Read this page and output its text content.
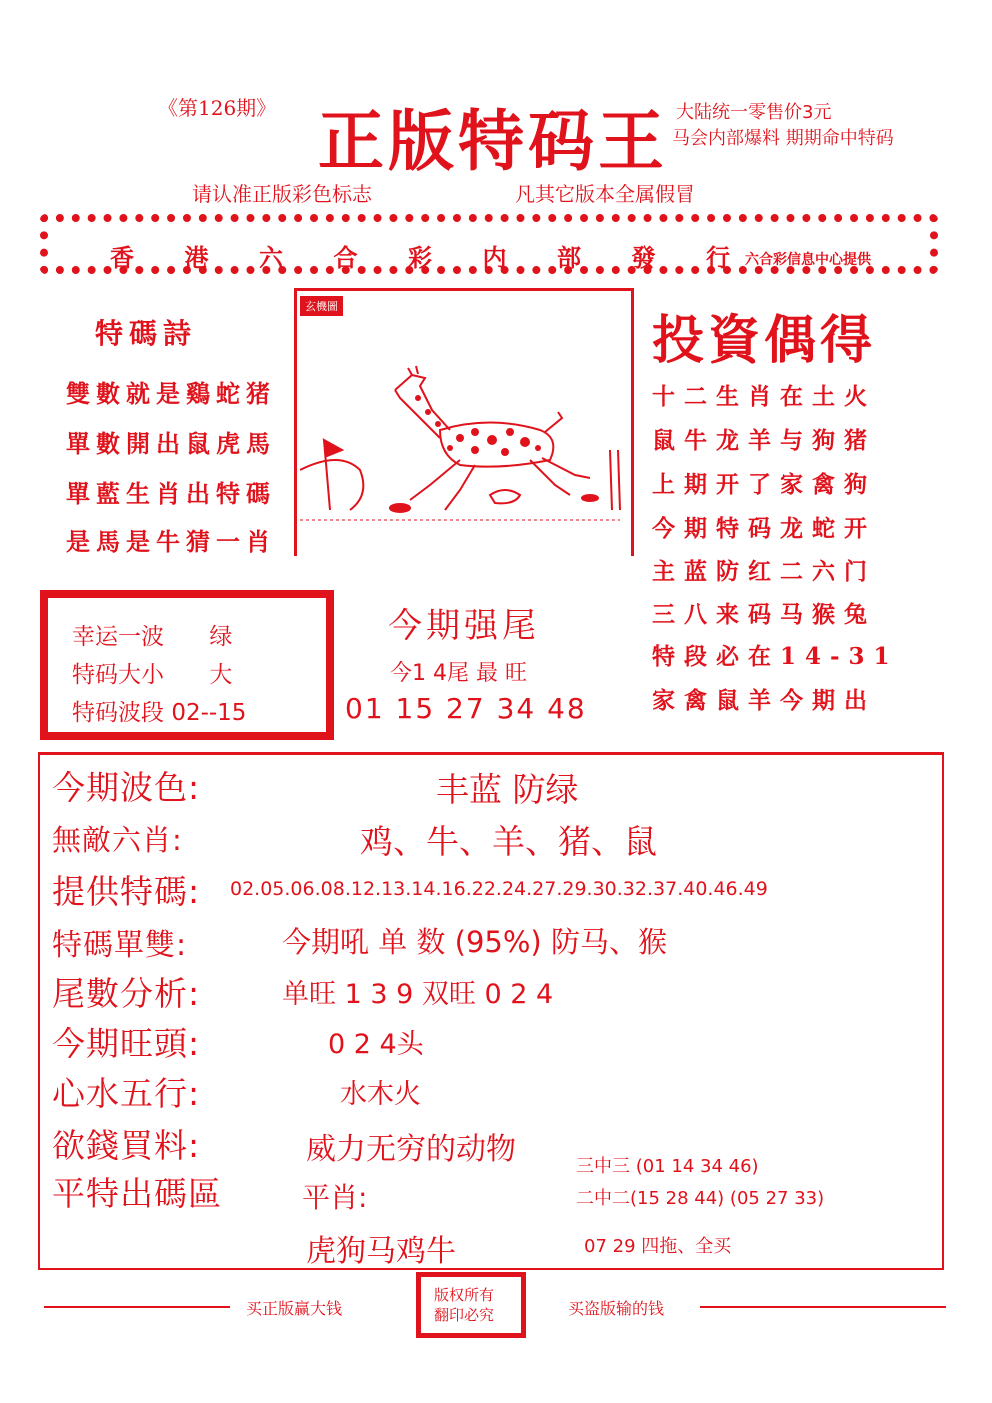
《第126期》 正版特码王 大陆统一零售价3元
马会内部爆料 期期命中特码
请认准正版彩色标志	凡其它版本全属假冒
香 港 六 合 彩 内 部 發 行 六合彩信息中心提供
特碼詩
雙數就是鷄蛇猪
單數開出鼠虎馬
單藍生肖出特碼
是馬是牛猜一肖
玄機圖
投資偶得
十二生肖在土火
鼠牛龙羊与狗猪
上期开了家禽狗
今期特码龙蛇开
主蓝防红二六门
三八来码马猴兔
特段必在14-31
家禽鼠羊今期出
幸运一波 绿
特码大小 大
特码波段 02--15
今期强尾
今1 4尾 最 旺
01 15 27 34 48
今期波色:	丰蓝 防绿
無敵六肖:	鸡、牛、羊、猪、鼠
提供特碼: 02.05.06.08.12.13.14.16.22.24.27.29.30.32.37.40.46.49
特碼單雙:	今期吼 单 数 (95%) 防马、猴
尾數分析:	单旺 1 3 9 双旺 0 2 4
今期旺頭:	0 2 4头
心水五行:	水木火
欲錢買料:	威力无穷的动物
平特出碼區	平肖:
虎狗马鸡牛
三中三 (01 14 34 46)
二中二(15 28 44) (05 27 33)
07 29 四拖、全买
买正版赢大钱	买盗版输的钱
版权所有
翻印必究
